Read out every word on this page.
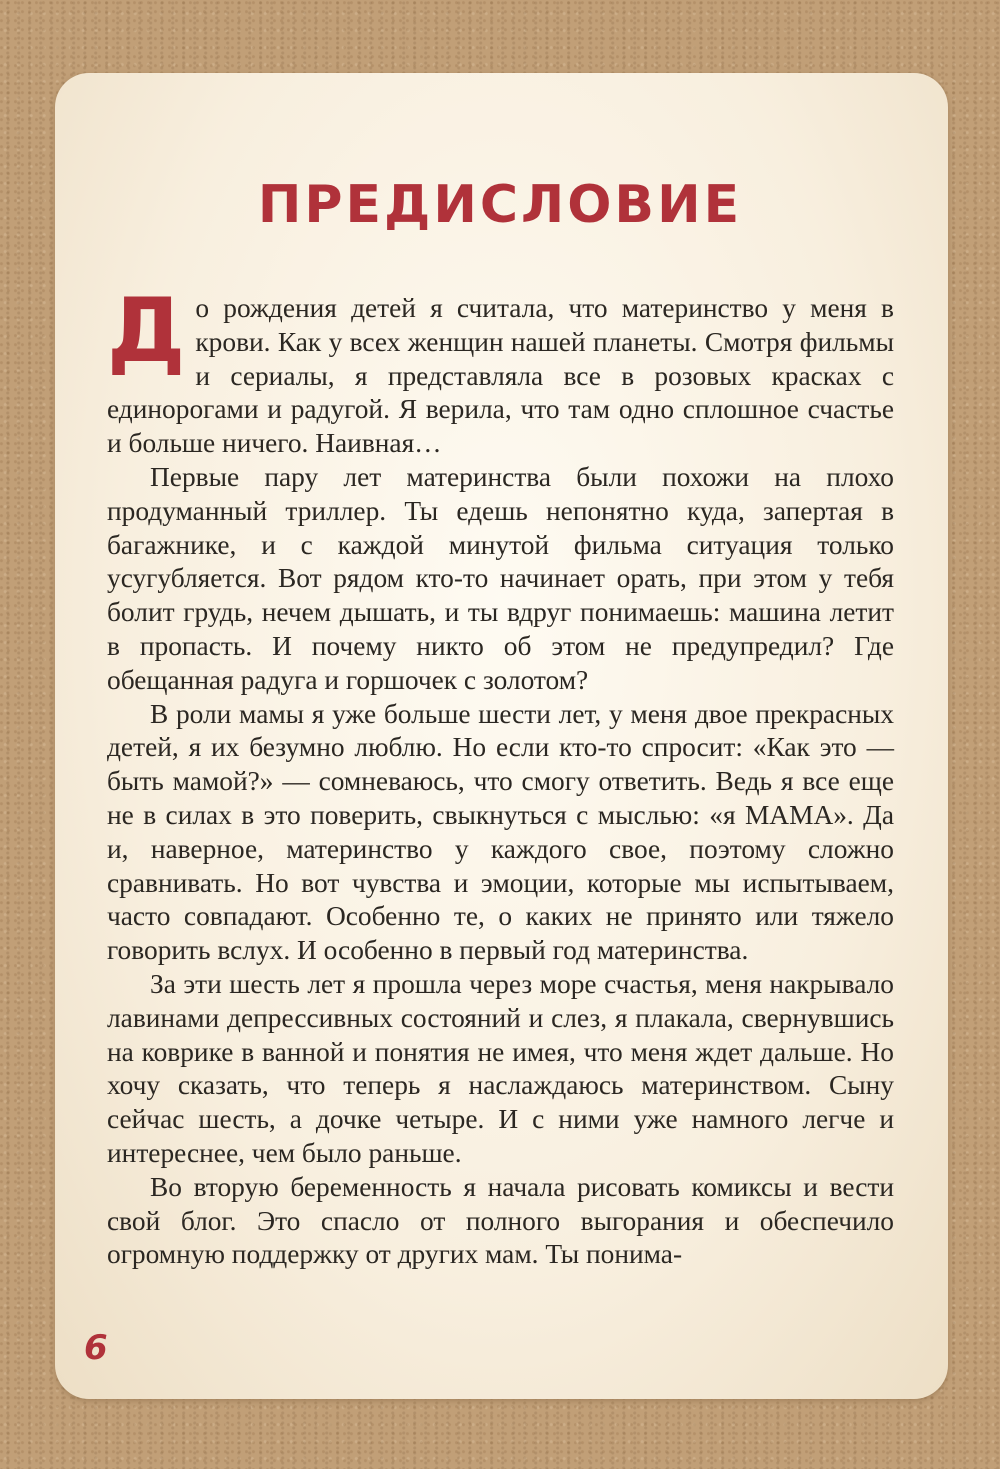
ПРЕДИСЛОВИЕ

До рождения детей я считала, что материнство у меня в крови. Как у всех женщин нашей планеты. Смотря фильмы и сериалы, я представляла все в розовых красках с единорогами и радугой. Я верила, что там одно сплошное счастье и больше ничего. Наивная…

Первые пару лет материнства были похожи на плохо продуманный триллер. Ты едешь непонятно куда, запертая в багажнике, и с каждой минутой фильма ситуация только усугубляется. Вот рядом кто-то начинает орать, при этом у тебя болит грудь, нечем дышать, и ты вдруг понимаешь: машина летит в пропасть. И почему никто об этом не предупредил? Где обещанная радуга и горшочек с золотом?

В роли мамы я уже больше шести лет, у меня двое прекрасных детей, я их безумно люблю. Но если кто-то спросит: «Как это — быть мамой?» — сомневаюсь, что смогу ответить. Ведь я все еще не в силах в это поверить, свыкнуться с мыслью: «я МАМА». Да и, наверное, материнство у каждого свое, поэтому сложно сравнивать. Но вот чувства и эмоции, которые мы испытываем, часто совпадают. Особенно те, о каких не принято или тяжело говорить вслух. И особенно в первый год материнства.

За эти шесть лет я прошла через море счастья, меня накрывало лавинами депрессивных состояний и слез, я плакала, свернувшись на коврике в ванной и понятия не имея, что меня ждет дальше. Но хочу сказать, что теперь я наслаждаюсь материнством. Сыну сейчас шесть, а дочке четыре. И с ними уже намного легче и интереснее, чем было раньше.

Во вторую беременность я начала рисовать комиксы и вести свой блог. Это спасло от полного выгорания и обеспечило огромную поддержку от других мам. Ты понима-

6
